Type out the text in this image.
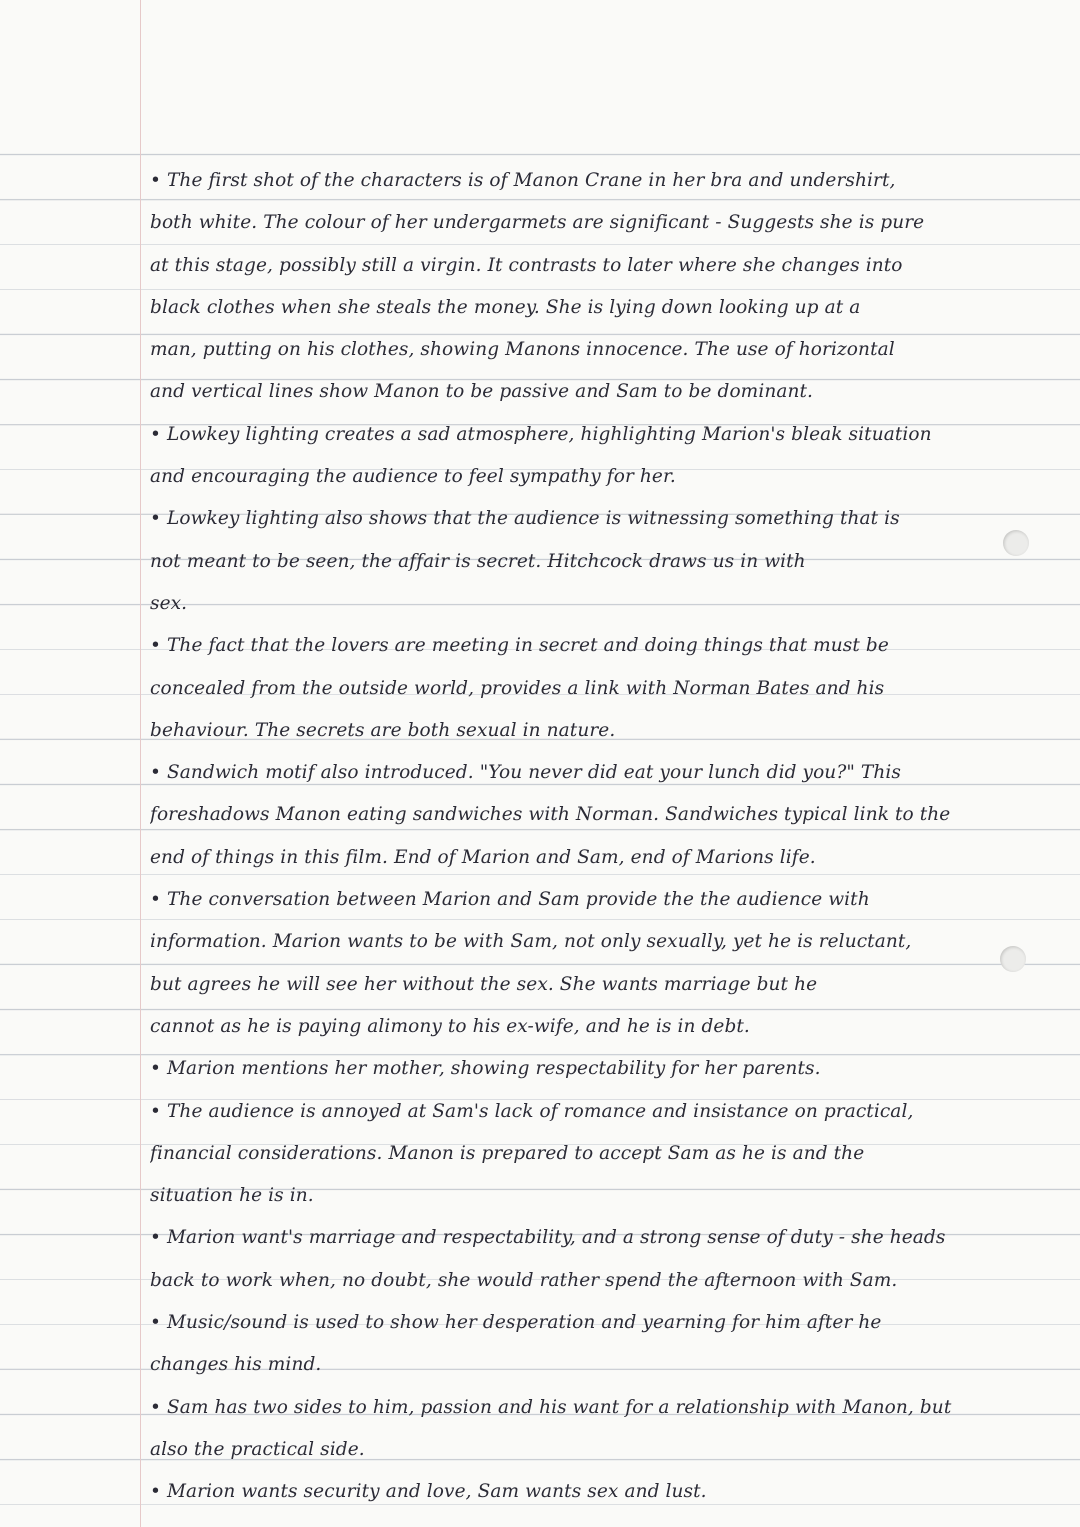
• The first shot of the characters is of Manon Crane in her bra and undershirt,
both white. The colour of her undergarmets are significant - Suggests she is pure
at this stage, possibly still a virgin. It contrasts to later where she changes into
black clothes when she steals the money. She is lying down looking up at a
man, putting on his clothes, showing Manons innocence. The use of horizontal
and vertical lines show Manon to be passive and Sam to be dominant.
• Lowkey lighting creates a sad atmosphere, highlighting Marion's bleak situation
and encouraging the audience to feel sympathy for her.
• Lowkey lighting also shows that the audience is witnessing something that is
not meant to be seen, the affair is secret. Hitchcock draws us in with
sex.
• The fact that the lovers are meeting in secret and doing things that must be
concealed from the outside world, provides a link with Norman Bates and his
behaviour. The secrets are both sexual in nature.
• Sandwich motif also introduced. "You never did eat your lunch did you?" This
foreshadows Manon eating sandwiches with Norman. Sandwiches typical link to the
end of things in this film. End of Marion and Sam, end of Marions life.
• The conversation between Marion and Sam provide the the audience with
information. Marion wants to be with Sam, not only sexually, yet he is reluctant,
but agrees he will see her without the sex. She wants marriage but he
cannot as he is paying alimony to his ex-wife, and he is in debt.
• Marion mentions her mother, showing respectability for her parents.
• The audience is annoyed at Sam's lack of romance and insistance on practical,
financial considerations. Manon is prepared to accept Sam as he is and the
situation he is in.
• Marion want's marriage and respectability, and a strong sense of duty - she heads
back to work when, no doubt, she would rather spend the afternoon with Sam.
• Music/sound is used to show her desperation and yearning for him after he
changes his mind.
• Sam has two sides to him, passion and his want for a relationship with Manon, but
also the practical side.
• Marion wants security and love, Sam wants sex and lust.
